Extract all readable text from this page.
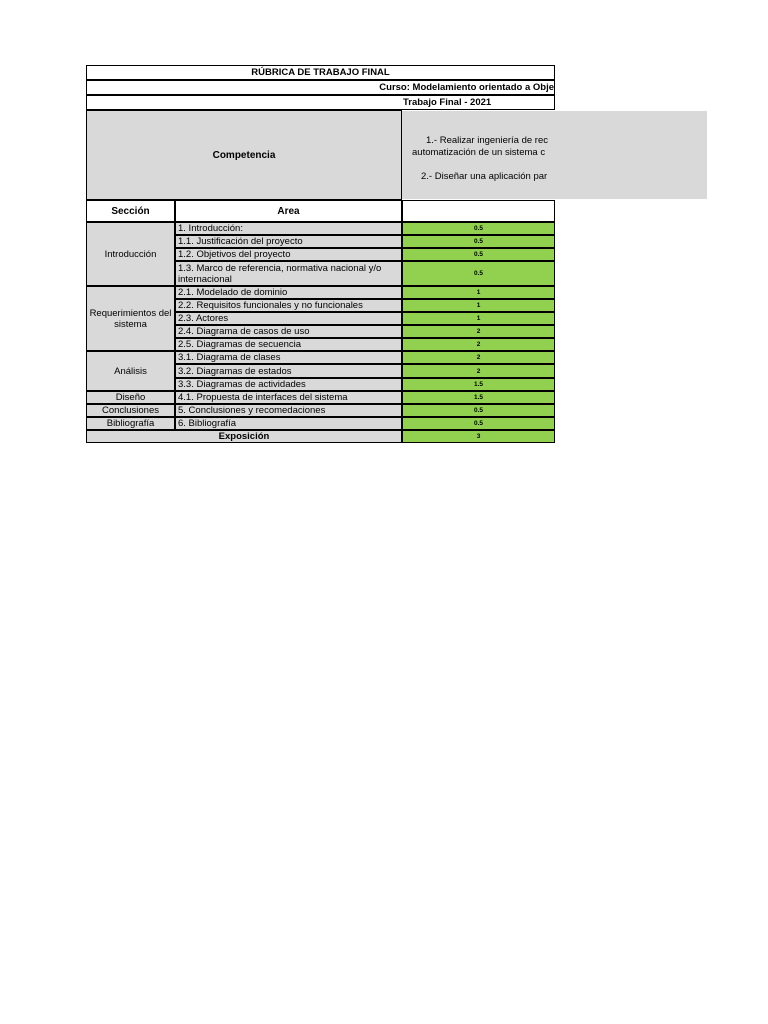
RÚBRICA DE TRABAJO FINAL
Curso: Modelamiento orientado a Obje
Trabajo Final - 2021
Competencia

1.- Realizar ingeniería de rec

automatización de un sistema c

2.- Diseñar una aplicación par

Sección	Area
Introducción
Requerimientos del sistema
Análisis
Diseño
Conclusiones
Bibliografía
1. Introducción:
1.1. Justificación del proyecto
1.2. Objetivos del proyecto
1.3. Marco de referencia, normativa nacional y/o internacional
2.1. Modelado de dominio
2.2. Requisitos funcionales y no funcionales
2.3. Actores
2.4. Diagrama de casos de uso
2.5. Diagramas de secuencia
3.1. Diagrama de clases
3.2. Diagramas de estados
3.3. Diagramas de actividades
4.1. Propuesta de interfaces del sistema
5. Conclusiones y recomedaciones
6. Bibliografía
0.5
0.5
0.5
0.5
1
1
1
2
2
2
2
1.5
1.5
0.5
0.5
Exposición	3
